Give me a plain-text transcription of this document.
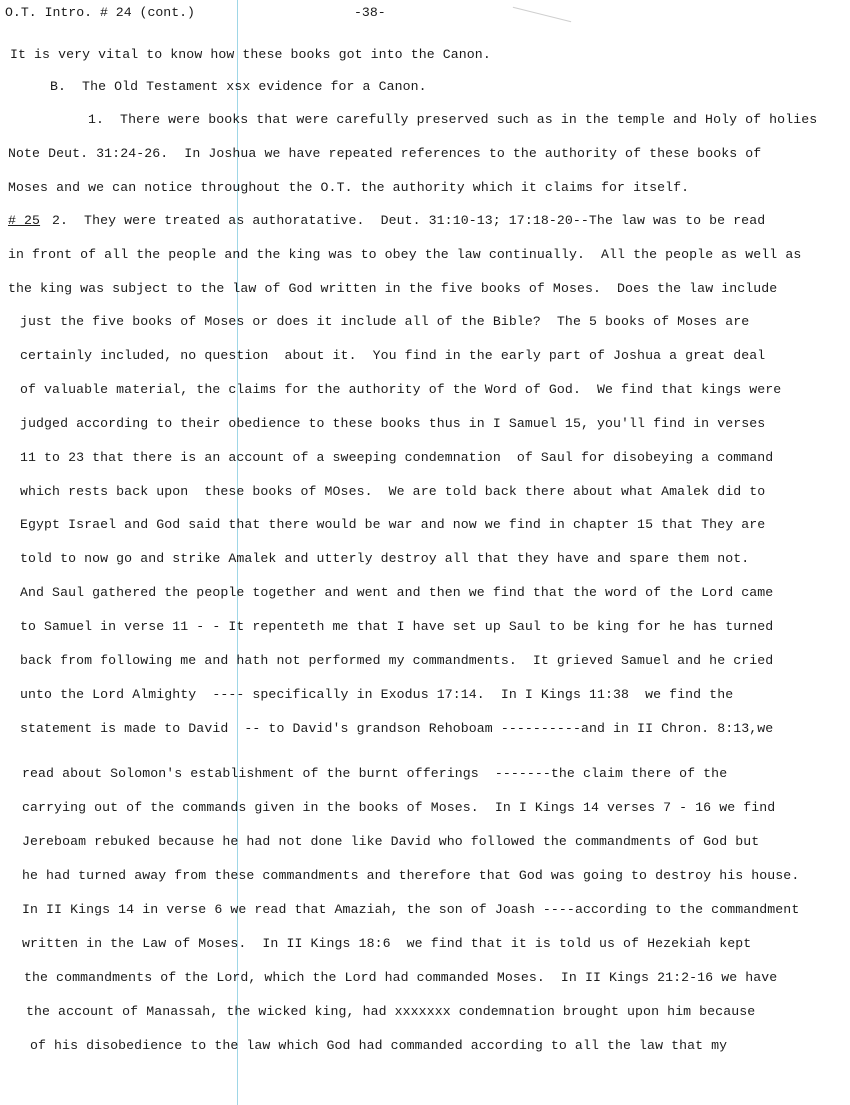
O.T. Intro. # 24 (cont.)	-38-
It is very vital to know how these books got into the Canon.
B.  The Old Testament xsx evidence for a Canon.
1.  There were books that were carefully preserved such as in the temple and Holy of holies
Note Deut. 31:24-26.  In Joshua we have repeated references to the authority of these books of
Moses and we can notice throughout the O.T. the authority which it claims for itself.
2.  They were treated as authoratative.  Deut. 31:10-13; 17:18-20--The law was to be read
in front of all the people and the king was to obey the law continually.  All the people as well as
the king was subject to the law of God written in the five books of Moses.  Does the law include
just the five books of Moses or does it include all of the Bible?  The 5 books of Moses are
certainly included, no question  about it.  You find in the early part of Joshua a great deal
of valuable material, the claims for the authority of the Word of God.  We find that kings were
judged according to their obedience to these books thus in I Samuel 15, you'll find in verses
11 to 23 that there is an account of a sweeping condemnation  of Saul for disobeying a command
which rests back upon  these books of MOses.  We are told back there about what Amalek did to
Egypt Israel and God said that there would be war and now we find in chapter 15 that They are
told to now go and strike Amalek and utterly destroy all that they have and spare them not.
And Saul gathered the people together and went and then we find that the word of the Lord came
to Samuel in verse 11 - - It repenteth me that I have set up Saul to be king for he has turned
back from following me and hath not performed my commandments.  It grieved Samuel and he cried
unto the Lord Almighty  ---- specifically in Exodus 17:14.  In I Kings 11:38  we find the
statement is made to David  -- to David's grandson Rehoboam ----------and in II Chron. 8:13,we
read about Solomon's establishment of the burnt offerings  -------the claim there of the
carrying out of the commands given in the books of Moses.  In I Kings 14 verses 7 - 16 we find
Jereboam rebuked because he had not done like David who followed the commandments of God but
he had turned away from these commandments and therefore that God was going to destroy his house.
In II Kings 14 in verse 6 we read that Amaziah, the son of Joash ----according to the commandment
written in the Law of Moses.  In II Kings 18:6  we find that it is told us of Hezekiah kept
the commandments of the Lord, which the Lord had commanded Moses.  In II Kings 21:2-16 we have
the account of Manassah, the wicked king, had xxxxxxx condemnation brought upon him because
of his disobedience to the law which God had commanded according to all the law that my
# 25
